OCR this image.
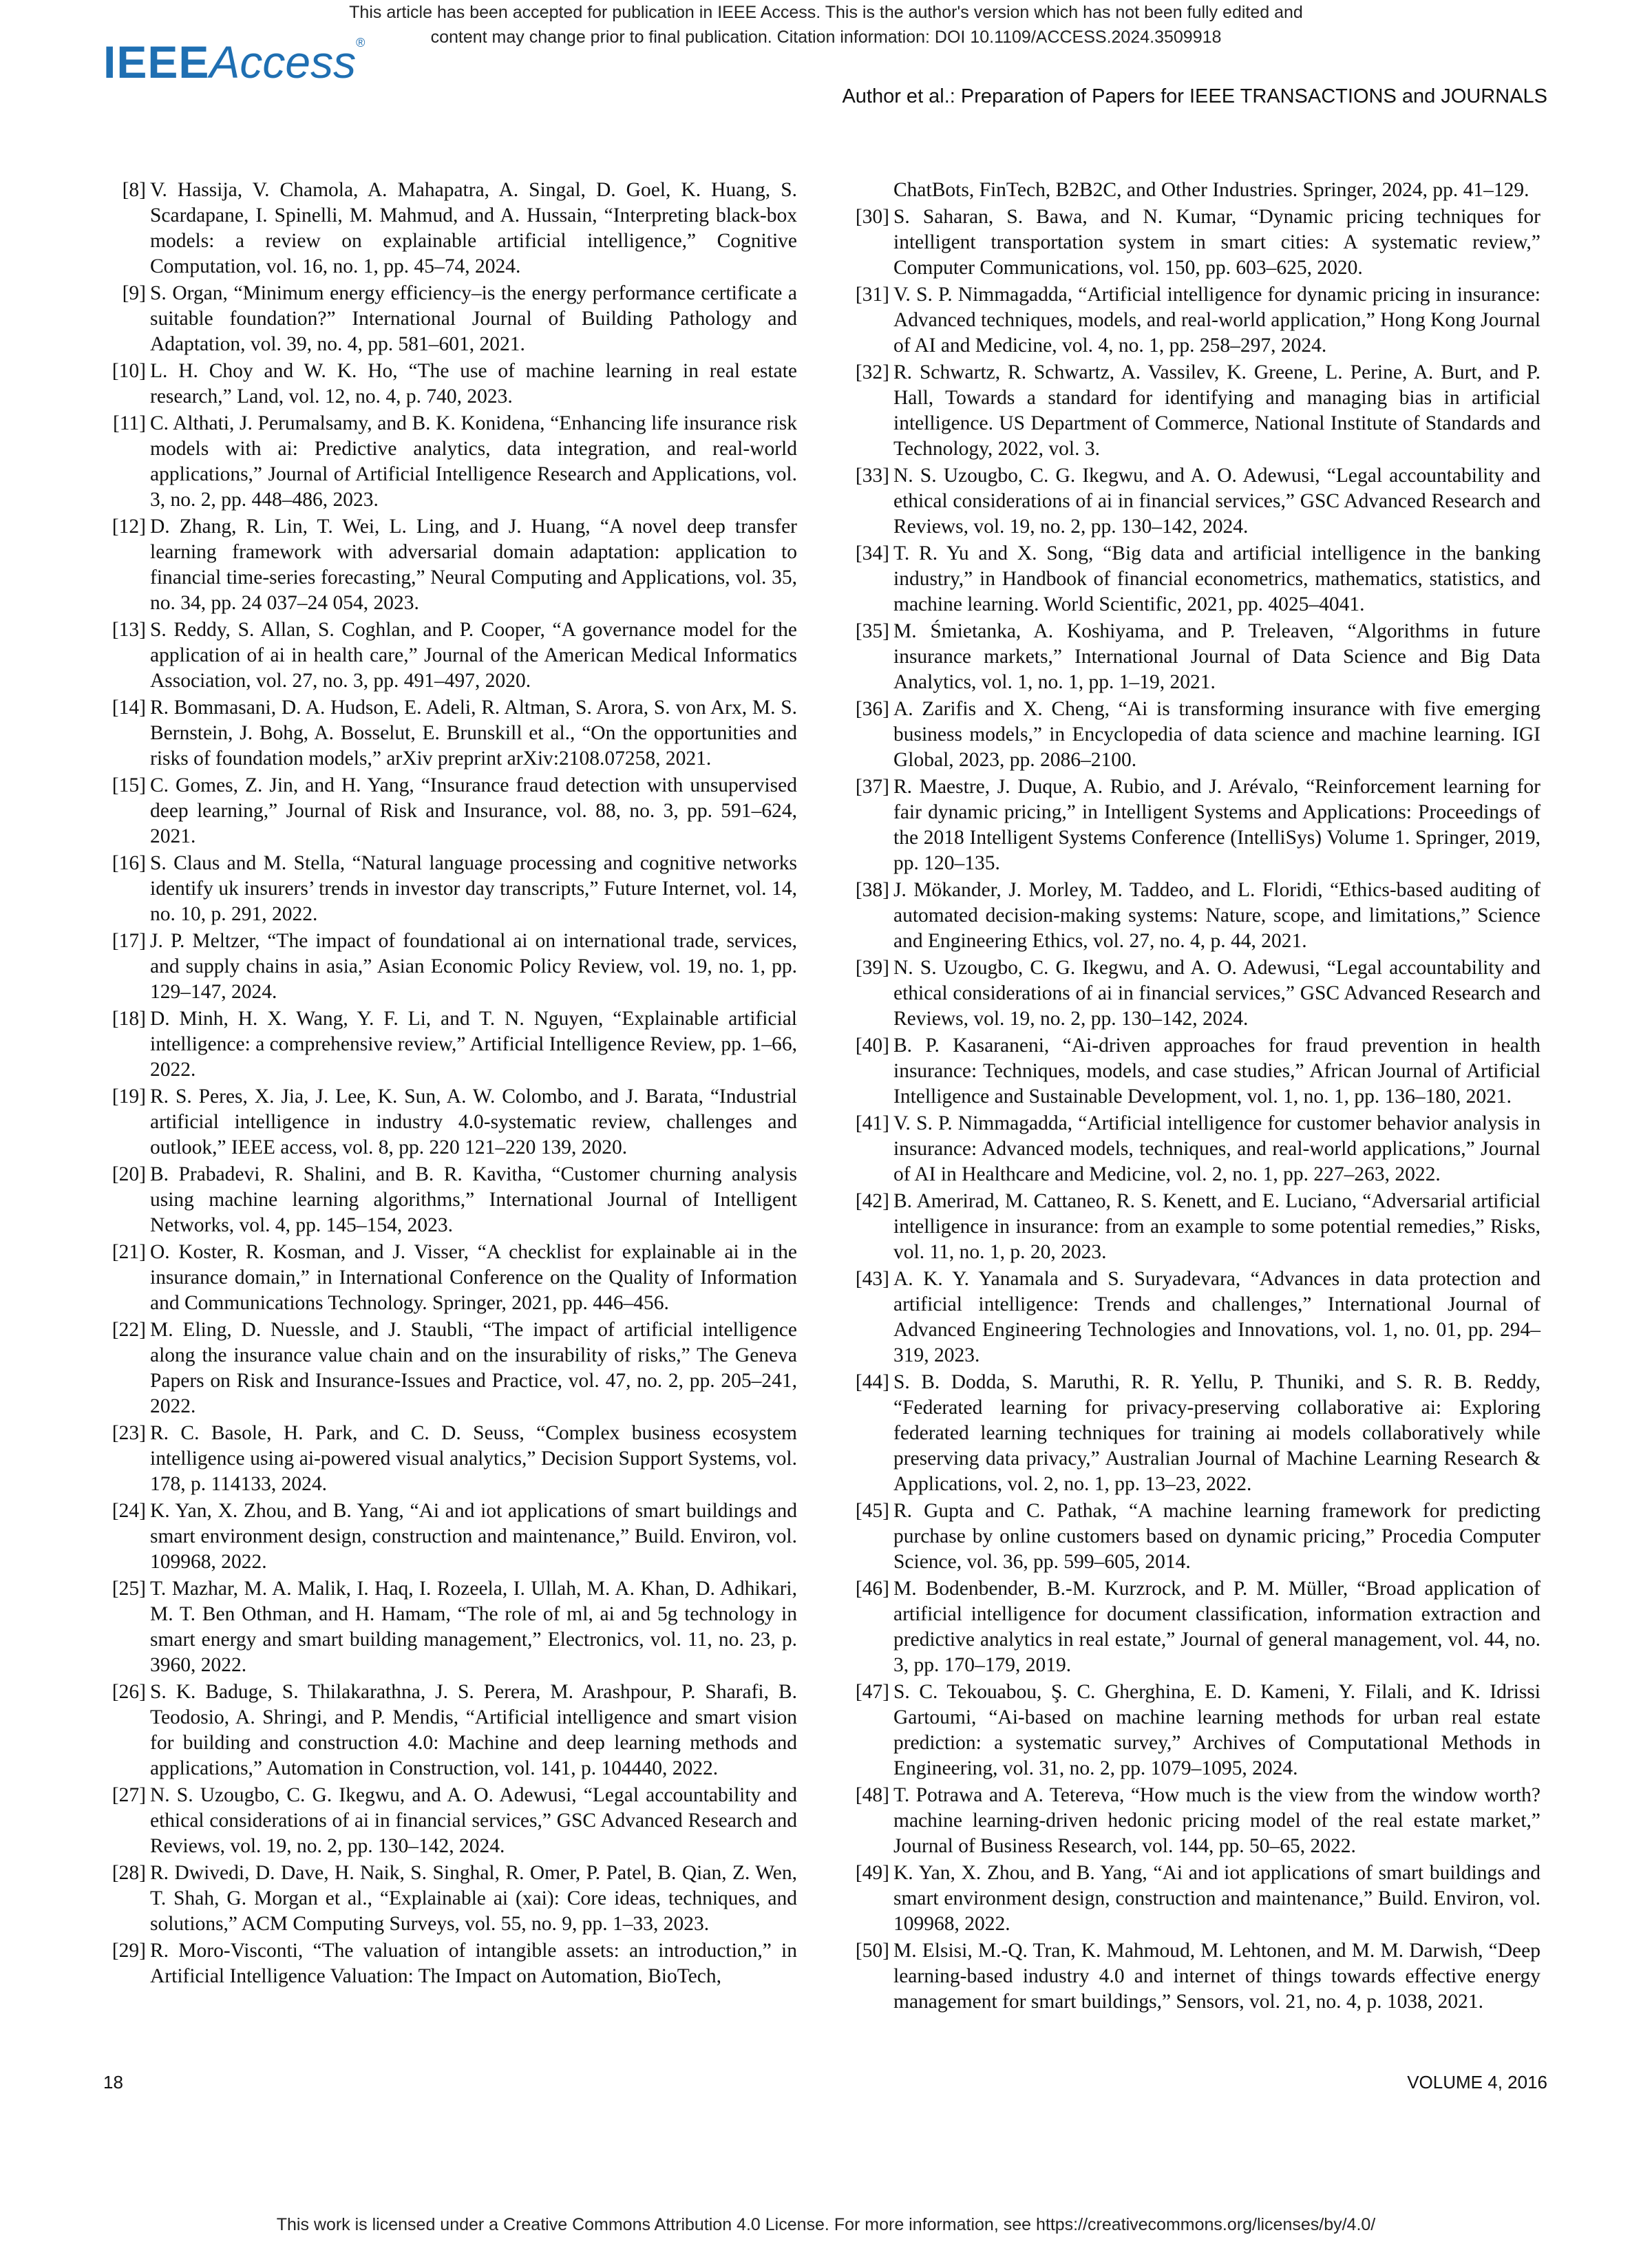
This article has been accepted for publication in IEEE Access. This is the author's version which has not been fully edited and
content may change prior to final publication. Citation information: DOI 10.1109/ACCESS.2024.3509918
IEEEAccess®
Author et al.: Preparation of Papers for IEEE TRANSACTIONS and JOURNALS
[8] V. Hassija, V. Chamola, A. Mahapatra, A. Singal, D. Goel, K. Huang, S. Scardapane, I. Spinelli, M. Mahmud, and A. Hussain, “Interpreting black-box models: a review on explainable artificial intelligence,” Cognitive Computation, vol. 16, no. 1, pp. 45–74, 2024.
[9] S. Organ, “Minimum energy efficiency–is the energy performance certificate a suitable foundation?” International Journal of Building Pathology and Adaptation, vol. 39, no. 4, pp. 581–601, 2021.
[10] L. H. Choy and W. K. Ho, “The use of machine learning in real estate research,” Land, vol. 12, no. 4, p. 740, 2023.
[11] C. Althati, J. Perumalsamy, and B. K. Konidena, “Enhancing life insurance risk models with ai: Predictive analytics, data integration, and real-world applications,” Journal of Artificial Intelligence Research and Applications, vol. 3, no. 2, pp. 448–486, 2023.
[12] D. Zhang, R. Lin, T. Wei, L. Ling, and J. Huang, “A novel deep transfer learning framework with adversarial domain adaptation: application to financial time-series forecasting,” Neural Computing and Applications, vol. 35, no. 34, pp. 24 037–24 054, 2023.
[13] S. Reddy, S. Allan, S. Coghlan, and P. Cooper, “A governance model for the application of ai in health care,” Journal of the American Medical Informatics Association, vol. 27, no. 3, pp. 491–497, 2020.
[14] R. Bommasani, D. A. Hudson, E. Adeli, R. Altman, S. Arora, S. von Arx, M. S. Bernstein, J. Bohg, A. Bosselut, E. Brunskill et al., “On the opportunities and risks of foundation models,” arXiv preprint arXiv:2108.07258, 2021.
[15] C. Gomes, Z. Jin, and H. Yang, “Insurance fraud detection with unsupervised deep learning,” Journal of Risk and Insurance, vol. 88, no. 3, pp. 591–624, 2021.
[16] S. Claus and M. Stella, “Natural language processing and cognitive networks identify uk insurers’ trends in investor day transcripts,” Future Internet, vol. 14, no. 10, p. 291, 2022.
[17] J. P. Meltzer, “The impact of foundational ai on international trade, services, and supply chains in asia,” Asian Economic Policy Review, vol. 19, no. 1, pp. 129–147, 2024.
[18] D. Minh, H. X. Wang, Y. F. Li, and T. N. Nguyen, “Explainable artificial intelligence: a comprehensive review,” Artificial Intelligence Review, pp. 1–66, 2022.
[19] R. S. Peres, X. Jia, J. Lee, K. Sun, A. W. Colombo, and J. Barata, “Industrial artificial intelligence in industry 4.0-systematic review, challenges and outlook,” IEEE access, vol. 8, pp. 220 121–220 139, 2020.
[20] B. Prabadevi, R. Shalini, and B. R. Kavitha, “Customer churning analysis using machine learning algorithms,” International Journal of Intelligent Networks, vol. 4, pp. 145–154, 2023.
[21] O. Koster, R. Kosman, and J. Visser, “A checklist for explainable ai in the insurance domain,” in International Conference on the Quality of Information and Communications Technology. Springer, 2021, pp. 446–456.
[22] M. Eling, D. Nuessle, and J. Staubli, “The impact of artificial intelligence along the insurance value chain and on the insurability of risks,” The Geneva Papers on Risk and Insurance-Issues and Practice, vol. 47, no. 2, pp. 205–241, 2022.
[23] R. C. Basole, H. Park, and C. D. Seuss, “Complex business ecosystem intelligence using ai-powered visual analytics,” Decision Support Systems, vol. 178, p. 114133, 2024.
[24] K. Yan, X. Zhou, and B. Yang, “Ai and iot applications of smart buildings and smart environment design, construction and maintenance,” Build. Environ, vol. 109968, 2022.
[25] T. Mazhar, M. A. Malik, I. Haq, I. Rozeela, I. Ullah, M. A. Khan, D. Adhikari, M. T. Ben Othman, and H. Hamam, “The role of ml, ai and 5g technology in smart energy and smart building management,” Electronics, vol. 11, no. 23, p. 3960, 2022.
[26] S. K. Baduge, S. Thilakarathna, J. S. Perera, M. Arashpour, P. Sharafi, B. Teodosio, A. Shringi, and P. Mendis, “Artificial intelligence and smart vision for building and construction 4.0: Machine and deep learning methods and applications,” Automation in Construction, vol. 141, p. 104440, 2022.
[27] N. S. Uzougbo, C. G. Ikegwu, and A. O. Adewusi, “Legal accountability and ethical considerations of ai in financial services,” GSC Advanced Research and Reviews, vol. 19, no. 2, pp. 130–142, 2024.
[28] R. Dwivedi, D. Dave, H. Naik, S. Singhal, R. Omer, P. Patel, B. Qian, Z. Wen, T. Shah, G. Morgan et al., “Explainable ai (xai): Core ideas, techniques, and solutions,” ACM Computing Surveys, vol. 55, no. 9, pp. 1–33, 2023.
[29] R. Moro-Visconti, “The valuation of intangible assets: an introduction,” in Artificial Intelligence Valuation: The Impact on Automation, BioTech,
ChatBots, FinTech, B2B2C, and Other Industries. Springer, 2024, pp. 41–129.
[30] S. Saharan, S. Bawa, and N. Kumar, “Dynamic pricing techniques for intelligent transportation system in smart cities: A systematic review,” Computer Communications, vol. 150, pp. 603–625, 2020.
[31] V. S. P. Nimmagadda, “Artificial intelligence for dynamic pricing in insurance: Advanced techniques, models, and real-world application,” Hong Kong Journal of AI and Medicine, vol. 4, no. 1, pp. 258–297, 2024.
[32] R. Schwartz, R. Schwartz, A. Vassilev, K. Greene, L. Perine, A. Burt, and P. Hall, Towards a standard for identifying and managing bias in artificial intelligence. US Department of Commerce, National Institute of Standards and Technology, 2022, vol. 3.
[33] N. S. Uzougbo, C. G. Ikegwu, and A. O. Adewusi, “Legal accountability and ethical considerations of ai in financial services,” GSC Advanced Research and Reviews, vol. 19, no. 2, pp. 130–142, 2024.
[34] T. R. Yu and X. Song, “Big data and artificial intelligence in the banking industry,” in Handbook of financial econometrics, mathematics, statistics, and machine learning. World Scientific, 2021, pp. 4025–4041.
[35] M. Śmietanka, A. Koshiyama, and P. Treleaven, “Algorithms in future insurance markets,” International Journal of Data Science and Big Data Analytics, vol. 1, no. 1, pp. 1–19, 2021.
[36] A. Zarifis and X. Cheng, “Ai is transforming insurance with five emerging business models,” in Encyclopedia of data science and machine learning. IGI Global, 2023, pp. 2086–2100.
[37] R. Maestre, J. Duque, A. Rubio, and J. Arévalo, “Reinforcement learning for fair dynamic pricing,” in Intelligent Systems and Applications: Proceedings of the 2018 Intelligent Systems Conference (IntelliSys) Volume 1. Springer, 2019, pp. 120–135.
[38] J. Mökander, J. Morley, M. Taddeo, and L. Floridi, “Ethics-based auditing of automated decision-making systems: Nature, scope, and limitations,” Science and Engineering Ethics, vol. 27, no. 4, p. 44, 2021.
[39] N. S. Uzougbo, C. G. Ikegwu, and A. O. Adewusi, “Legal accountability and ethical considerations of ai in financial services,” GSC Advanced Research and Reviews, vol. 19, no. 2, pp. 130–142, 2024.
[40] B. P. Kasaraneni, “Ai-driven approaches for fraud prevention in health insurance: Techniques, models, and case studies,” African Journal of Artificial Intelligence and Sustainable Development, vol. 1, no. 1, pp. 136–180, 2021.
[41] V. S. P. Nimmagadda, “Artificial intelligence for customer behavior analysis in insurance: Advanced models, techniques, and real-world applications,” Journal of AI in Healthcare and Medicine, vol. 2, no. 1, pp. 227–263, 2022.
[42] B. Amerirad, M. Cattaneo, R. S. Kenett, and E. Luciano, “Adversarial artificial intelligence in insurance: from an example to some potential remedies,” Risks, vol. 11, no. 1, p. 20, 2023.
[43] A. K. Y. Yanamala and S. Suryadevara, “Advances in data protection and artificial intelligence: Trends and challenges,” International Journal of Advanced Engineering Technologies and Innovations, vol. 1, no. 01, pp. 294–319, 2023.
[44] S. B. Dodda, S. Maruthi, R. R. Yellu, P. Thuniki, and S. R. B. Reddy, “Federated learning for privacy-preserving collaborative ai: Exploring federated learning techniques for training ai models collaboratively while preserving data privacy,” Australian Journal of Machine Learning Research & Applications, vol. 2, no. 1, pp. 13–23, 2022.
[45] R. Gupta and C. Pathak, “A machine learning framework for predicting purchase by online customers based on dynamic pricing,” Procedia Computer Science, vol. 36, pp. 599–605, 2014.
[46] M. Bodenbender, B.-M. Kurzrock, and P. M. Müller, “Broad application of artificial intelligence for document classification, information extraction and predictive analytics in real estate,” Journal of general management, vol. 44, no. 3, pp. 170–179, 2019.
[47] S. C. Tekouabou, Ş. C. Gherghina, E. D. Kameni, Y. Filali, and K. Idrissi Gartoumi, “Ai-based on machine learning methods for urban real estate prediction: a systematic survey,” Archives of Computational Methods in Engineering, vol. 31, no. 2, pp. 1079–1095, 2024.
[48] T. Potrawa and A. Tetereva, “How much is the view from the window worth? machine learning-driven hedonic pricing model of the real estate market,” Journal of Business Research, vol. 144, pp. 50–65, 2022.
[49] K. Yan, X. Zhou, and B. Yang, “Ai and iot applications of smart buildings and smart environment design, construction and maintenance,” Build. Environ, vol. 109968, 2022.
[50] M. Elsisi, M.-Q. Tran, K. Mahmoud, M. Lehtonen, and M. M. Darwish, “Deep learning-based industry 4.0 and internet of things towards effective energy management for smart buildings,” Sensors, vol. 21, no. 4, p. 1038, 2021.
18	VOLUME 4, 2016
This work is licensed under a Creative Commons Attribution 4.0 License. For more information, see https://creativecommons.org/licenses/by/4.0/
